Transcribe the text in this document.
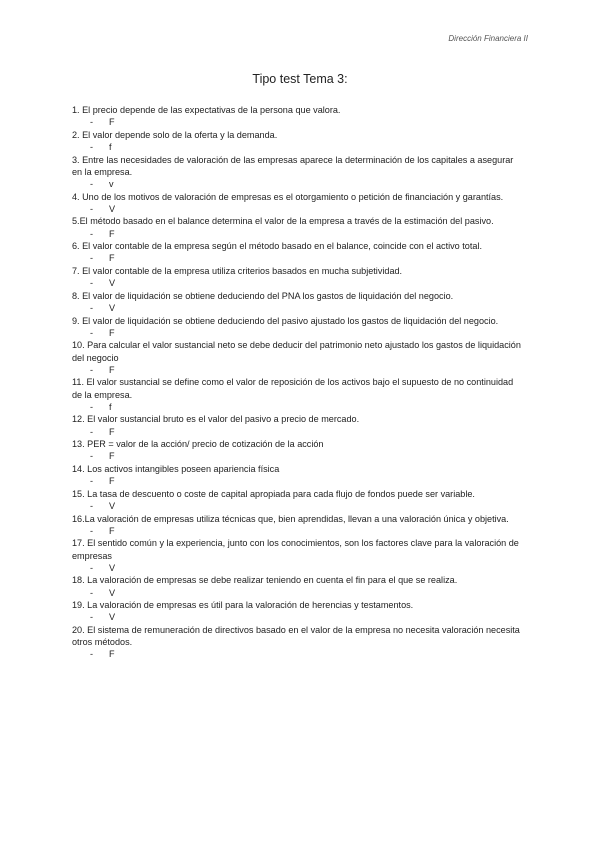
Dirección Financiera II
Tipo test Tema 3:

1. El precio depende de las expectativas de la persona que valora.

- F

2. El valor depende solo de la oferta y la demanda.

- f

3. Entre las necesidades de valoración de las empresas aparece la determinación de los capitales a asegurar en la empresa.

- v

4. Uno de los motivos de valoración de empresas es el otorgamiento o petición de financiación y garantías.

- V

5.El método basado en el balance determina el valor de la empresa a través de la estimación del pasivo.

- F

6. El valor contable de la empresa según el método basado en el balance, coincide con el activo total.

- F

7. El valor contable de la empresa utiliza criterios basados en mucha subjetividad.

- V

8. El valor de liquidación se obtiene deduciendo del PNA los gastos de liquidación del negocio.

- V

9. El valor de liquidación se obtiene deduciendo del pasivo ajustado los gastos de liquidación del negocio.

- F

10. Para calcular el valor sustancial neto se debe deducir del patrimonio neto ajustado los gastos de liquidación del negocio

- F

11. El valor sustancial se define como el valor de reposición de los activos bajo el supuesto de no continuidad de la empresa.

- f

12. El valor sustancial bruto es el valor del pasivo a precio de mercado.

- F

13. PER = valor de la acción/ precio de cotización de la acción

- F

14. Los activos intangibles poseen apariencia física

- F

15. La tasa de descuento o coste de capital apropiada para cada flujo de fondos puede ser variable.

- V

16.La valoración de empresas utiliza técnicas que, bien aprendidas, llevan a una valoración única y objetiva.

- F

17. El sentido común y la experiencia, junto con los conocimientos, son los factores clave para la valoración de empresas

- V

18. La valoración de empresas se debe realizar teniendo en cuenta el fin para el que se realiza.

- V

19. La valoración de empresas es útil para la valoración de herencias y testamentos.

- V

20. El sistema de remuneración de directivos basado en el valor de la empresa no necesita valoración necesita otros métodos.

- F
